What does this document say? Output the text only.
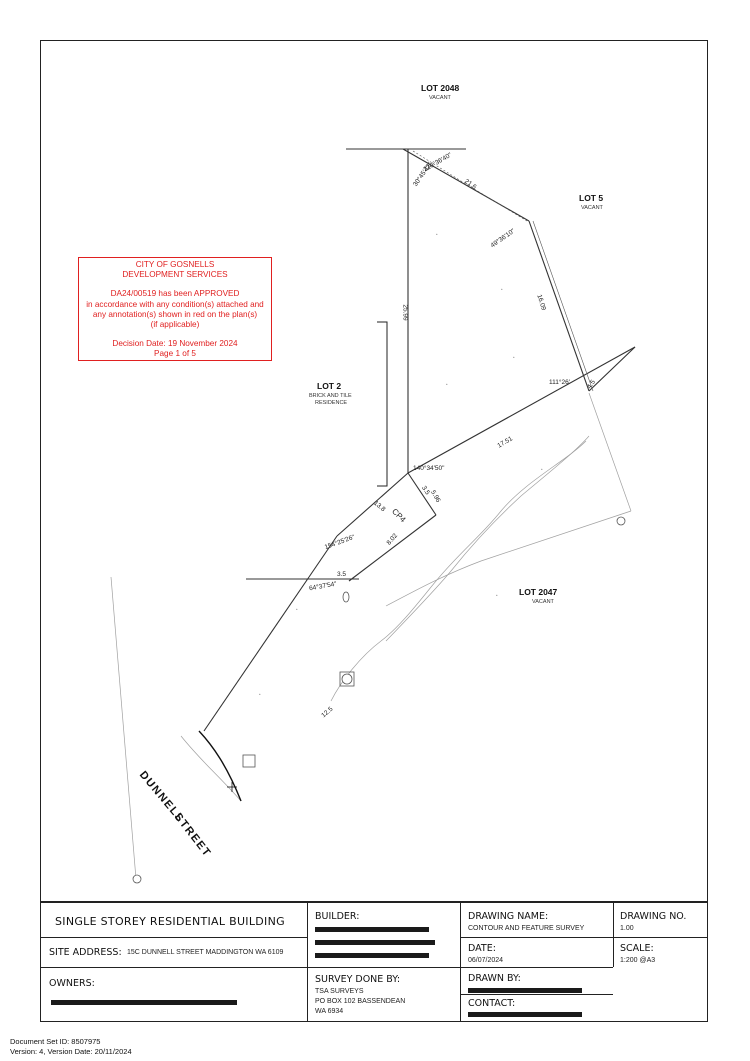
•
•
•
•
•
•
•
•
LOT 2048
VACANT
LOT 5
VACANT
LOT 2
BRICK AND TILE
RESIDENCE
LOT 2047
VACANT
DUNNELL
STREET
21.6
49°36'10"
16.09
25.99
111°26'
17.51
140°34'50"
3.5
5.96
13.8
CP4
154°25'26"	8.02
64°37'54"
3.5
12.5
30°45'42"
4.5
220°36'40"
CITY OF GOSNELLS
DEVELOPMENT SERVICES
DA24/00519 has been APPROVED
in accordance with any condition(s) attached and
any annotation(s) shown in red on the plan(s)
(if applicable)
Decision Date: 19 November 2024
Page 1 of 5
SINGLE STOREY RESIDENTIAL BUILDING
SITE ADDRESS: 15C DUNNELL STREET MADDINGTON WA 6109
OWNERS:
BUILDER:
SURVEY DONE BY:
TSA SURVEYS
PO BOX 102 BASSENDEAN
WA 6934
DRAWING NAME:
CONTOUR AND FEATURE SURVEY
DATE:
06/07/2024
DRAWN BY:
CONTACT:
DRAWING NO.
1.00
SCALE:
1:200 @A3
Document Set ID: 8507975
Version: 4, Version Date: 20/11/2024
